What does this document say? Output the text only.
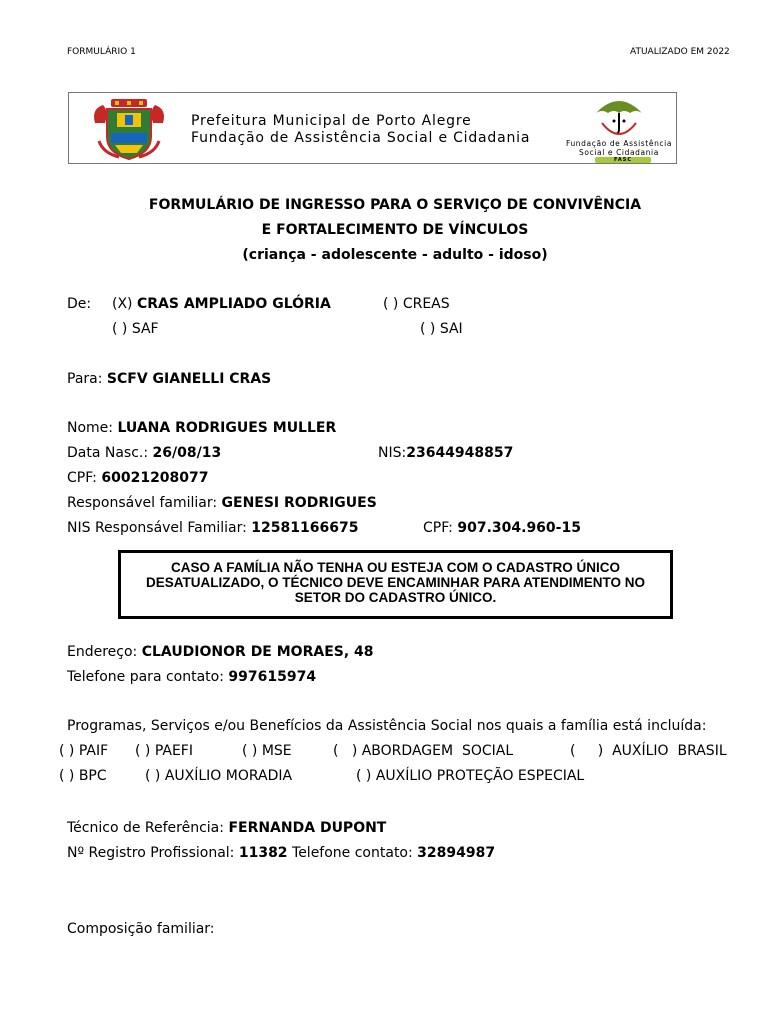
FORMULÁRIO 1	ATUALIZADO EM 2022
Prefeitura Municipal de Porto Alegre
Fundação de Assistência Social e Cidadania	Fundação de Assistência
Social e Cidadania
FASC
FORMULÁRIO DE INGRESSO PARA O SERVIÇO DE CONVIVÊNCIA
E FORTALECIMENTO DE VÍNCULOS
(criança - adolescente - adulto - idoso)
De: (X) CRAS AMPLIADO GLÓRIA	( ) CREAS
( ) SAF	( ) SAI
Para: SCFV GIANELLI CRAS
Nome: LUANA RODRIGUES MULLER
Data Nasc.: 26/08/13	NIS:23644948857
CPF: 60021208077
Responsável familiar: GENESI RODRIGUES
NIS Responsável Familiar: 12581166675	CPF: 907.304.960-15
CASO A FAMÍLIA NÃO TENHA OU ESTEJA COM O CADASTRO ÚNICO
DESATUALIZADO, O TÉCNICO DEVE ENCAMINHAR PARA ATENDIMENTO NO
SETOR DO CADASTRO ÚNICO.
Endereço: CLAUDIONOR DE MORAES, 48
Telefone para contato: 997615974
Programas, Serviços e/ou Benefícios da Assistência Social nos quais a família está incluída:
( ) PAIF ( ) PAEFI	( ) MSE	(   ) ABORDAGEM  SOCIAL	(     )  AUXÍLIO  BRASIL
( ) BPC	( ) AUXÍLIO MORADIA	( ) AUXÍLIO PROTEÇÃO ESPECIAL
Técnico de Referência: FERNANDA DUPONT
Nº Registro Profissional: 11382 Telefone contato: 32894987
Composição familiar:
